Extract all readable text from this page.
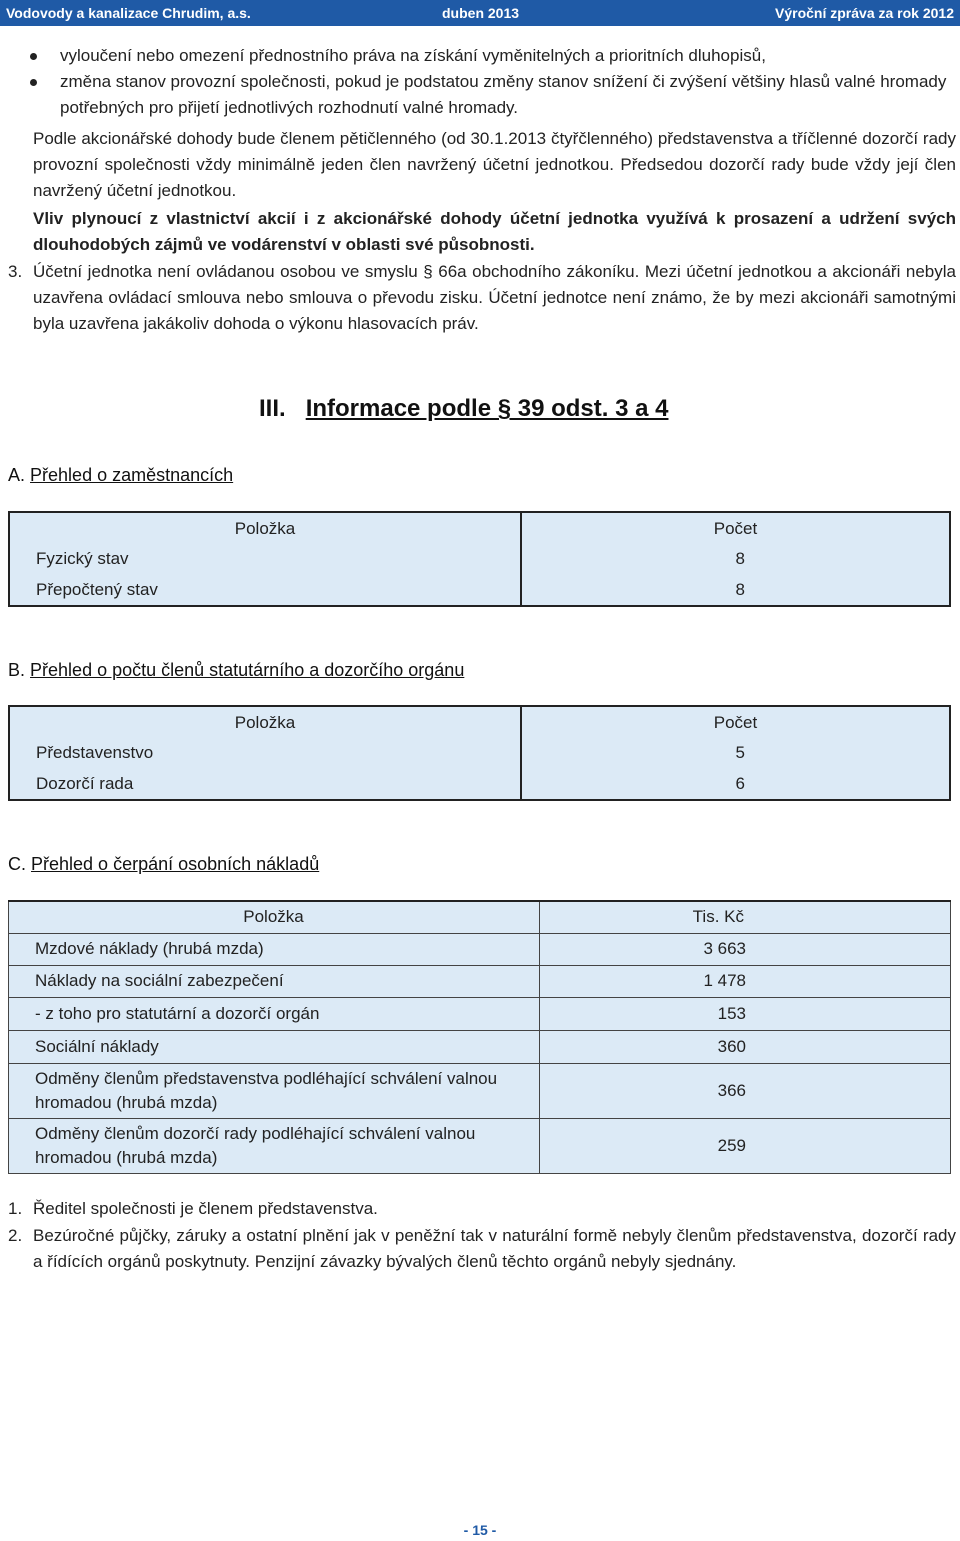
Vodovody a kanalizace Chrudim, a.s.	duben 2013	Výroční zpráva za rok 2012
vyloučení nebo omezení přednostního práva na získání vyměnitelných a prioritních dluhopisů,
změna stanov provozní společnosti, pokud je podstatou změny stanov snížení či zvýšení většiny hlasů valné hromady potřebných pro přijetí jednotlivých rozhodnutí valné hromady.
Podle akcionářské dohody bude členem pětičlenného (od 30.1.2013 čtyřčlenného) představenstva a tříčlenné dozorčí rady provozní společnosti vždy minimálně jeden člen navržený účetní jednotkou. Předsedou dozorčí rady bude vždy její člen navržený účetní jednotkou.
Vliv plynoucí z vlastnictví akcií i z akcionářské dohody účetní jednotka využívá k prosazení a udržení svých dlouhodobých zájmů ve vodárenství v oblasti své působnosti.
3. Účetní jednotka není ovládanou osobou ve smyslu § 66a obchodního zákoníku. Mezi účetní jednotkou a akcionáři nebyla uzavřena ovládací smlouva nebo smlouva o převodu zisku. Účetní jednotce není známo, že by mezi akcionáři samotnými byla uzavřena jakákoliv dohoda o výkonu hlasovacích práv.
III. Informace podle § 39 odst. 3 a 4
A. Přehled o zaměstnancích
Položka	Počet
Fyzický stav	8
Přepočtený stav	8
B. Přehled o počtu členů statutárního a dozorčího orgánu
Položka	Počet
Představenstvo	5
Dozorčí rada	6
C. Přehled o čerpání osobních nákladů
Položka	Tis. Kč
Mzdové náklady (hrubá mzda)	3 663
Náklady na sociální zabezpečení	1 478
- z toho pro statutární a dozorčí orgán	153
Sociální náklady	360
Odměny členům představenstva podléhající schválení valnou hromadou (hrubá mzda)	366
Odměny členům dozorčí rady podléhající schválení valnou hromadou (hrubá mzda)	259
1. Ředitel společnosti je členem představenstva.
2. Bezúročné půjčky, záruky a ostatní plnění jak v peněžní tak v naturální formě nebyly členům představenstva, dozorčí rady a řídících orgánů poskytnuty. Penzijní závazky bývalých členů těchto orgánů nebyly sjednány.
- 15 -
